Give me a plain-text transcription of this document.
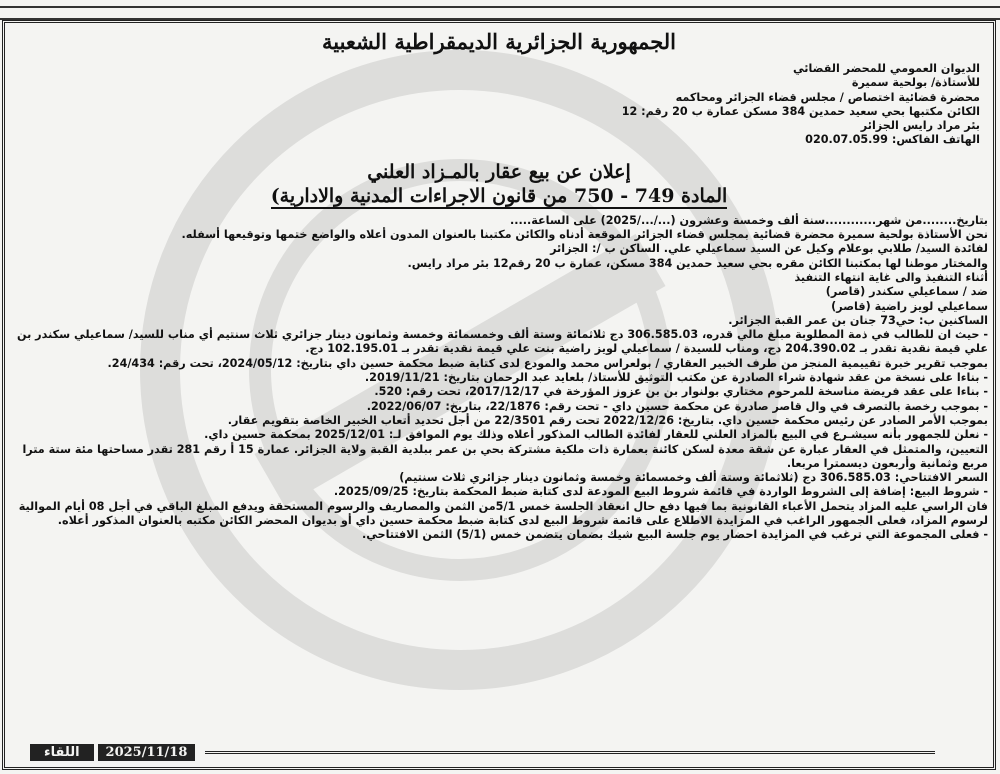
الجمهورية الجزائرية الديمقراطية الشعبية
الديوان العمومي للمحضر القضائي
للأستاذة/ بولحية سميرة
محضرة قضائية اختصاص / مجلس قضاء الجزائر ومحاكمه
الكائن مكتبها بحي سعيد حمدين 384 مسكن عمارة ب 20 رقم: 12
بئر مراد رايس الجزائر
الهاتف الفاكس: 020.07.05.99
إعلان عن بيع عقار بالمـزاد العلني
المادة 749 - 750 من قانون الاجراءات المدنية والادارية)

بتاريخ........من شهر............سنة ألف وخمسة وعشرون (.../.../2025) على الساعة.....

نحن الأستاذة بولحية سميرة محضرة قضائية بمجلس قضاء الجزائر الموقعة أدناه والكائن مكتبنا بالعنوان المدون أعلاه والواضع ختمها وتوقيعها أسفله.

لفائدة السيد/ طلابي بوعلام وكيل عن السيد سماعيلي علي. الساكن ب /: الجزائر

والمختار موطنا لها بمكتبنا الكائن مقره بحي سعيد حمدين 384 مسكن، عمارة ب 20 رقم12 بئر مراد رايس.

أثناء التنفيذ والى غاية انتهاء التنفيذ

ضد / سماعيلي سكندر (قاصر)

سماعيلي لويز راضية (قاصر)

الساكنين ب: حي73 جنان بن عمر القبة الجزائر.

- حيث ان للطالب في ذمة المطلوبة مبلغ مالي قدره، 306.585.03 دج ثلاثمائة وستة ألف وخمسمائة وخمسة وثمانون دينار جزائري ثلاث سنتيم أي مناب للسيد/ سماعيلي سكندر بن علي قيمة نقدية تقدر بـ 204.390.02 دج، ومناب للسيدة / سماعيلي لويز راضية بنت علي قيمة نقدية تقدر بـ 102.195.01 دج.

بموجب تقرير خبرة تقييمية المنجز من طرف الخبير العقاري / بولعراس محمد والمودع لدى كتابة ضبط محكمة حسين داي بتاريخ: 2024/05/12، تحت رقم: 24/434.

- بناءا على نسخة من عقد شهادة شراء الصادرة عن مكتب التوثيق للأستاذ/ بلعايد عبد الرحمان بتاريخ: 2019/11/21.

- بناءا على عقد فريضة مناسخة للمرحوم مختاري بولنوار بن بن عزوز المؤرخة في 2017/12/17، تحت رقم: 520.

- بموجب رخصة بالتصرف في وال قاصر صادرة عن محكمة حسين داي - تحت رقم: 22/1876، بتاريخ: 2022/06/07.

بموجب الأمر الصادر عن رئيس محكمة حسين داي. بتاريخ: 2022/12/26 تحت رقم 22/3501 من أجل تحديد أتعاب الخبير الخاصة بتقويم عقار.

- نعلن للجمهور بأنه سيشـرع في البيع بالمزاد العلني للعقار لفائدة الطالب المذكور أعلاه وذلك يوم الموافق لـ: 2025/12/01 بمحكمة حسين داي.

التعيين، والمتمثل في العقار عبارة عن شقة معدة لسكن كائنة بعمارة ذات ملكية مشتركة بحي بن عمر ببلدية القبة ولاية الجزائر. عمارة 15 أ رقم 281 تقدر مساحتها مئة ستة مترا مربع وثمانية وأربعون ديسمترا مربعا.

السعر الافتتاحي: 306.585.03 دج (ثلاثمائة وستة ألف وخمسمائة وخمسة وثمانون دينار جزائري ثلاث سنتيم)

- شروط البيع: إضافة إلى الشروط الواردة في قائمة شروط البيع المودعة لدى كتابة ضبط المحكمة بتاريخ: 2025/09/25.

فان الراسي عليه المزاد يتحمل الأعباء القانونية بما فيها دفع حال انعقاد الجلسة خمس 5/1من الثمن والمصاريف والرسوم المستحقة ويدفع المبلغ الباقي في أجل 08 أيام الموالية لرسوم المزاد، فعلى الجمهور الراغب في المزايدة الاطلاع على قائمة شروط البيع لدى كتابة ضبط محكمة حسين داي أو بديوان المحضر الكائن مكتبه بالعنوان المذكور أعلاه.

- فعلى المجموعة التي ترغب في المزايدة احضار يوم جلسة البيع شيك بضمان يتضمن خمس (5/1) الثمن الافتتاحي.

اللقاء	2025/11/18
